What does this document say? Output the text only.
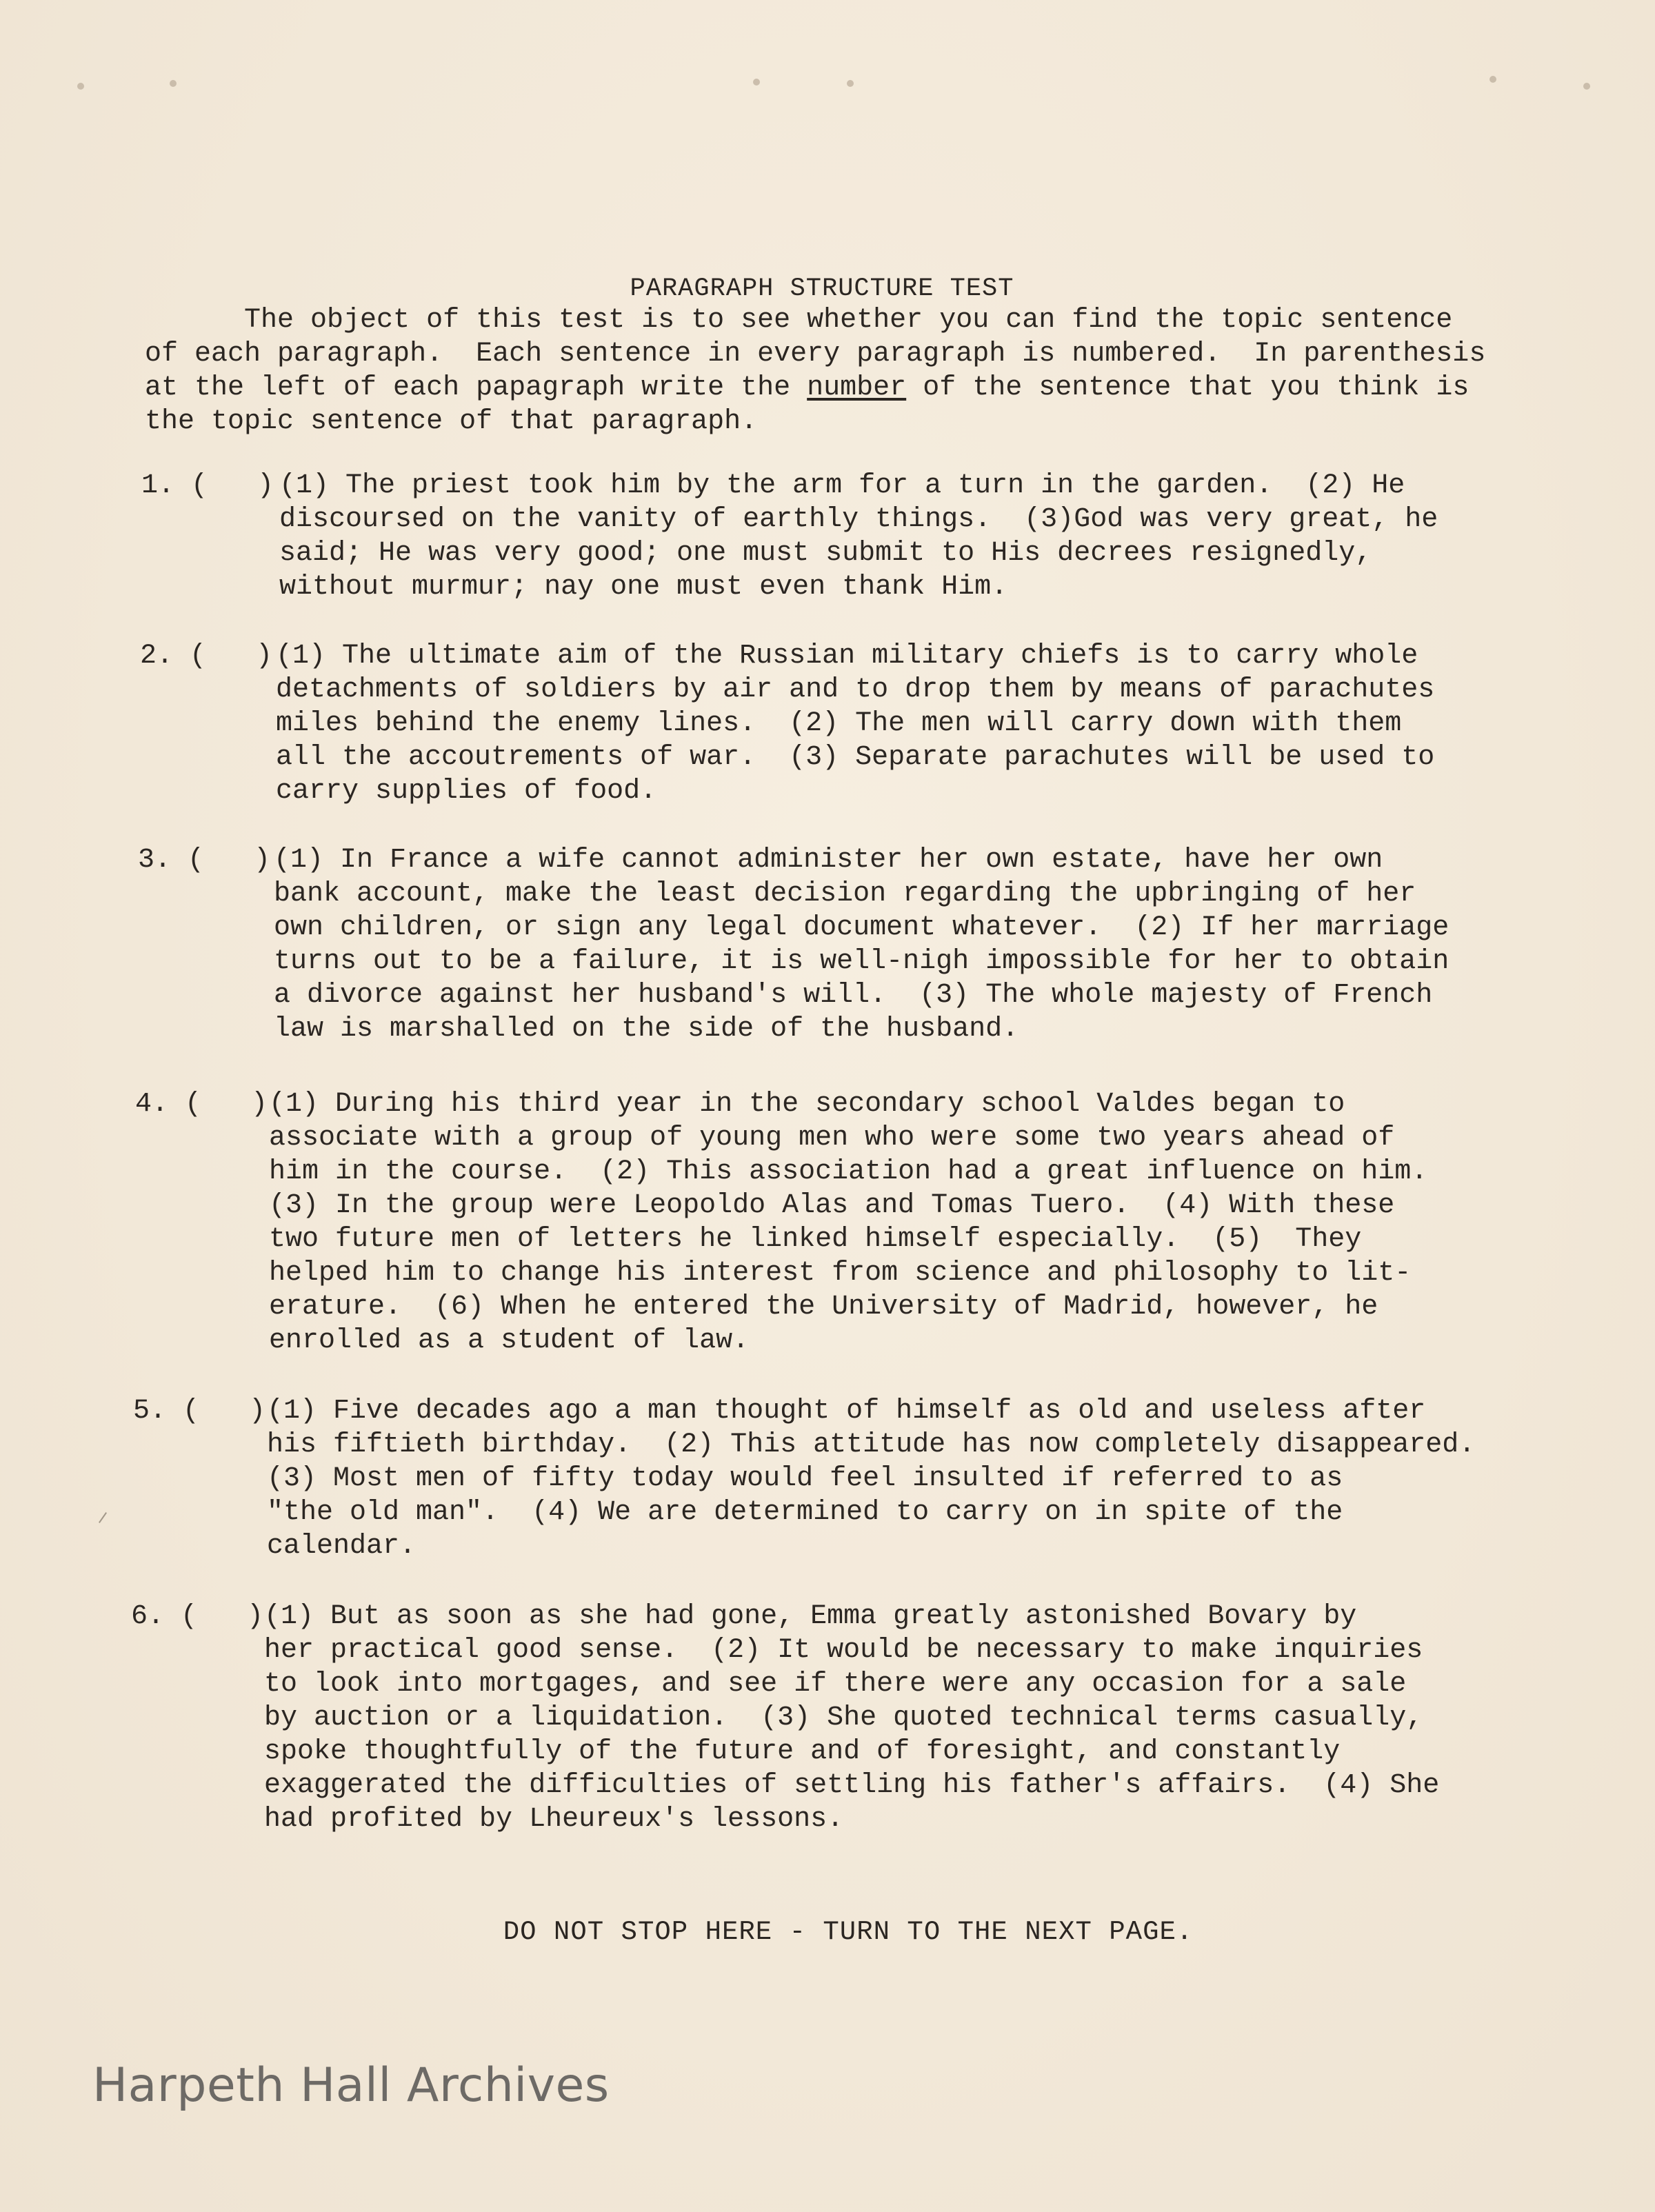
PARAGRAPH STRUCTURE TEST
The object of this test is to see whether you can find the topic sentence
of each paragraph.  Each sentence in every paragraph is numbered.  In parenthesis
at the left of each papagraph write the number of the sentence that you think is
the topic sentence of that paragraph.
1. (   ) (1) The priest took him by the arm for a turn in the garden.  (2) He
discoursed on the vanity of earthly things.  (3)God was very great, he
said; He was very good; one must submit to His decrees resignedly,
without murmur; nay one must even thank Him.
2. (   ) (1) The ultimate aim of the Russian military chiefs is to carry whole
detachments of soldiers by air and to drop them by means of parachutes
miles behind the enemy lines.  (2) The men will carry down with them
all the accoutrements of war.  (3) Separate parachutes will be used to
carry supplies of food.
3. (   ) (1) In France a wife cannot administer her own estate, have her own
bank account, make the least decision regarding the upbringing of her
own children, or sign any legal document whatever.  (2) If her marriage
turns out to be a failure, it is well-nigh impossible for her to obtain
a divorce against her husband's will.  (3) The whole majesty of French
law is marshalled on the side of the husband.
4. (   ) (1) During his third year in the secondary school Valdes began to
associate with a group of young men who were some two years ahead of
him in the course.  (2) This association had a great influence on him.
(3) In the group were Leopoldo Alas and Tomas Tuero.  (4) With these
two future men of letters he linked himself especially.  (5)  They
helped him to change his interest from science and philosophy to lit-
erature.  (6) When he entered the University of Madrid, however, he
enrolled as a student of law.
5. (   ) (1) Five decades ago a man thought of himself as old and useless after
his fiftieth birthday.  (2) This attitude has now completely disappeared.
(3) Most men of fifty today would feel insulted if referred to as
"the old man".  (4) We are determined to carry on in spite of the
calendar.
6. (   ) (1) But as soon as she had gone, Emma greatly astonished Bovary by
her practical good sense.  (2) It would be necessary to make inquiries
to look into mortgages, and see if there were any occasion for a sale
by auction or a liquidation.  (3) She quoted technical terms casually,
spoke thoughtfully of the future and of foresight, and constantly
exaggerated the difficulties of settling his father's affairs.  (4) She
had profited by Lheureux's lessons.
DO NOT STOP HERE - TURN TO THE NEXT PAGE.
Harpeth Hall Archives
